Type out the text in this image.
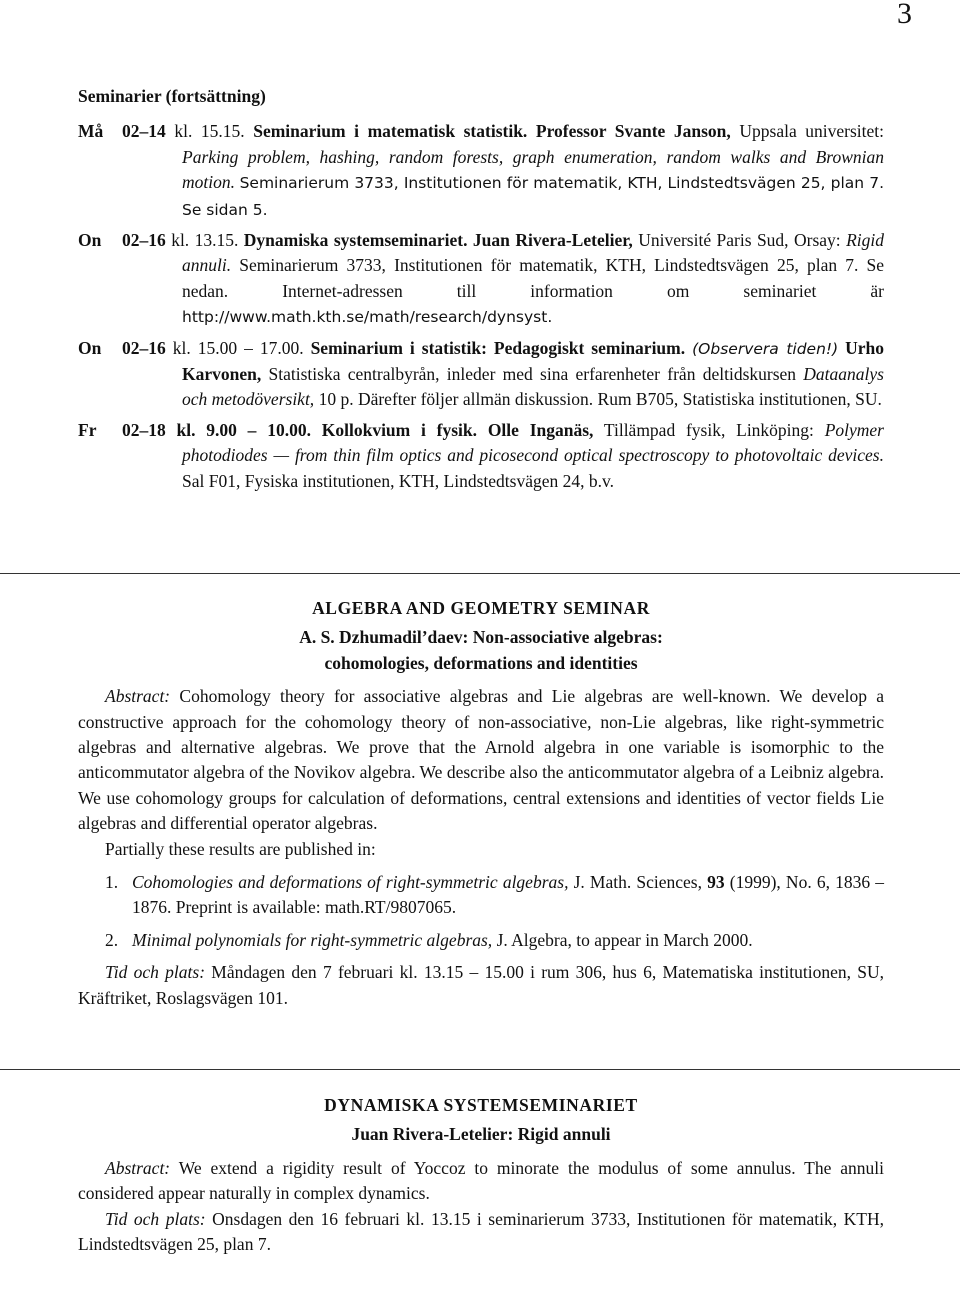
3
Seminarier (fortsättning)
Må 02–14 kl. 15.15. Seminarium i matematisk statistik. Professor Svante Janson, Uppsala universitet: Parking problem, hashing, random forests, graph enumeration, random walks and Brownian motion. Seminarierum 3733, Institutionen för matematik, KTH, Lindstedtsvägen 25, plan 7. Se sidan 5.
On 02–16 kl. 13.15. Dynamiska systemseminariet. Juan Rivera-Letelier, Université Paris Sud, Orsay: Rigid annuli. Seminarierum 3733, Institutionen för matematik, KTH, Lindstedtsvägen 25, plan 7. Se nedan. Internet-adressen till information om seminariet är http://www.math.kth.se/math/research/dynsyst.
On 02–16 kl. 15.00 – 17.00. Seminarium i statistik: Pedagogiskt seminarium. (Observera tiden!) Urho Karvonen, Statistiska centralbyrån, inleder med sina erfarenheter från deltidskursen Dataanalys och metodöversikt, 10 p. Därefter följer allmän diskussion. Rum B705, Statistiska institutionen, SU.
Fr 02–18 kl. 9.00 – 10.00. Kollokvium i fysik. Olle Inganäs, Tillämpad fysik, Linköping: Polymer photodiodes — from thin film optics and picosecond optical spectroscopy to photovoltaic devices. Sal F01, Fysiska institutionen, KTH, Lindstedtsvägen 24, b.v.
ALGEBRA AND GEOMETRY SEMINAR
A. S. Dzhumadil’daev: Non-associative algebras:
cohomologies, deformations and identities

Abstract: Cohomology theory for associative algebras and Lie algebras are well-known. We develop a constructive approach for the cohomology theory of non-associative, non-Lie algebras, like right-symmetric algebras and alternative algebras. We prove that the Arnold algebra in one variable is isomorphic to the anticommutator algebra of the Novikov algebra. We describe also the anticommutator algebra of a Leibniz algebra. We use cohomology groups for calculation of deformations, central extensions and identities of vector fields Lie algebras and differential operator algebras.

Partially these results are published in:

1. Cohomologies and deformations of right-symmetric algebras, J. Math. Sciences, 93 (1999), No. 6, 1836 – 1876. Preprint is available: math.RT/9807065.
2. Minimal polynomials for right-symmetric algebras, J. Algebra, to appear in March 2000.

Tid och plats: Måndagen den 7 februari kl. 13.15 – 15.00 i rum 306, hus 6, Matematiska institutionen, SU, Kräftriket, Roslagsvägen 101.

DYNAMISKA SYSTEMSEMINARIET
Juan Rivera-Letelier: Rigid annuli

Abstract: We extend a rigidity result of Yoccoz to minorate the modulus of some annulus. The annuli considered appear naturally in complex dynamics.

Tid och plats: Onsdagen den 16 februari kl. 13.15 i seminarierum 3733, Institutionen för matematik, KTH, Lindstedtsvägen 25, plan 7.
